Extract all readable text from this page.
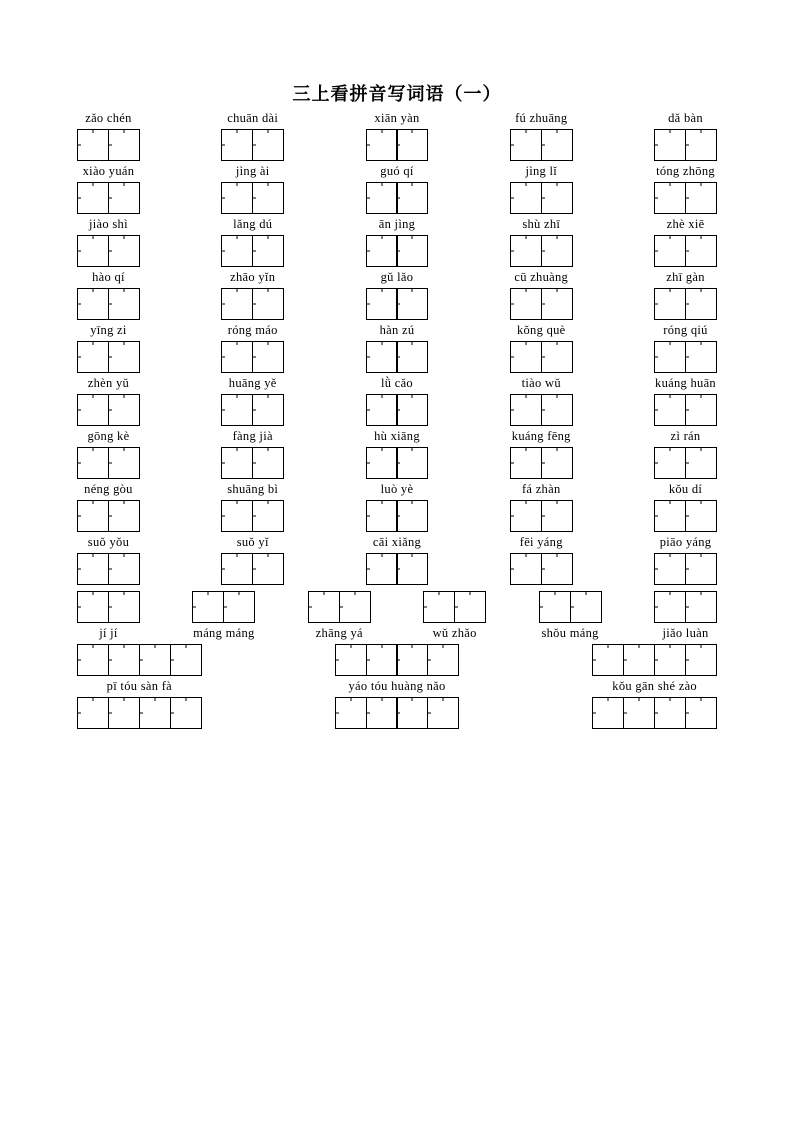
三上看拼音写词语（一）
zǎo chén	chuān dài	xiān yàn	fú zhuāng	dǎ bàn
xiào yuán	jìng ài	guó qí	jìng lǐ	tóng zhōng
jiào shì	lǎng dú	ān jìng	shù zhī	zhè xiē
hào qí	zhāo yǐn	gǔ lǎo	cū zhuàng	zhī gàn
yīng zi	róng máo	hàn zú	kǒng què	róng qiú
zhèn yǔ	huāng yě	lǜ cǎo	tiào wǔ	kuáng huān
gōng kè	fàng jià	hù xiāng	kuáng fēng	zì rán
néng gòu	shuāng bì	luò yè	fá zhàn	kǒu dí
suǒ yǒu	suǒ yǐ	cāi xiǎng	fēi yáng	piāo yáng
jí jí	máng máng	zhāng yá	wǔ zhǎo	shǒu máng	jiǎo luàn
pī tóu sàn fà	yáo tóu huàng nǎo	kǒu gān shé zào
